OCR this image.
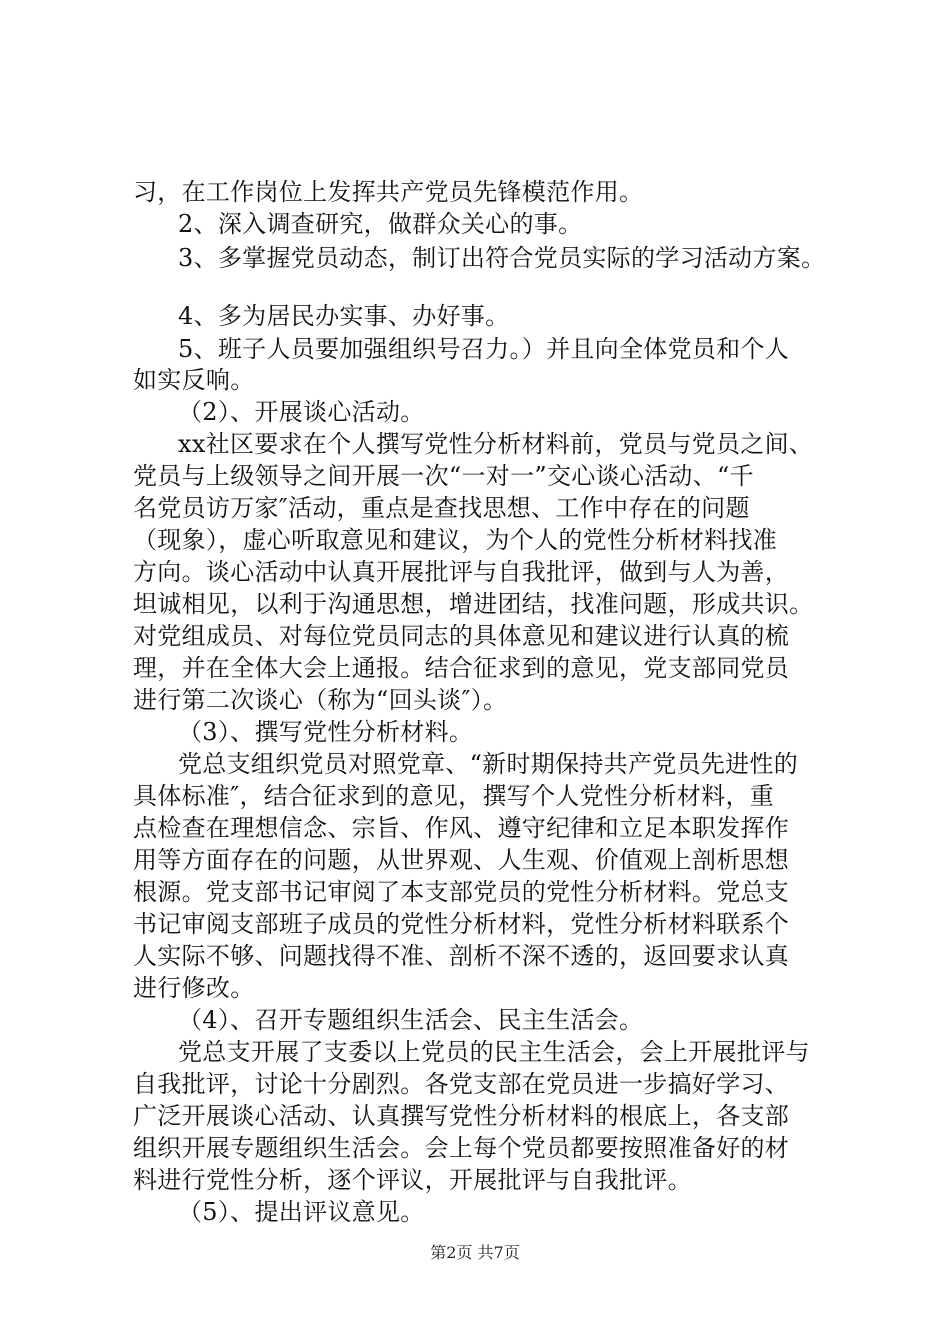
习，在工作岗位上发挥共产党员先锋模范作用。

2、深入调查研究，做群众关心的事。

3、多掌握党员动态，制订出符合党员实际的学习活动方案。

4、多为居民办实事、办好事。

5、班子人员要加强组织号召力。）并且向全体党员和个人

如实反响。

（2）、开展谈心活动。

xx社区要求在个人撰写党性分析材料前，党员与党员之间、

党员与上级领导之间开展一次“一对一”交心谈心活动、“千

名党员访万家″活动，重点是查找思想、工作中存在的问题

（现象），虚心听取意见和建议，为个人的党性分析材料找准

方向。谈心活动中认真开展批评与自我批评，做到与人为善，

坦诚相见，以利于沟通思想，增进团结，找准问题，形成共识。

对党组成员、对每位党员同志的具体意见和建议进行认真的梳

理，并在全体大会上通报。结合征求到的意见，党支部同党员

进行第二次谈心（称为“回头谈″）。

（3）、撰写党性分析材料。

党总支组织党员对照党章、“新时期保持共产党员先进性的

具体标准″，结合征求到的意见，撰写个人党性分析材料，重

点检查在理想信念、宗旨、作风、遵守纪律和立足本职发挥作

用等方面存在的问题，从世界观、人生观、价值观上剖析思想

根源。党支部书记审阅了本支部党员的党性分析材料。党总支

书记审阅支部班子成员的党性分析材料，党性分析材料联系个

人实际不够、问题找得不准、剖析不深不透的，返回要求认真

进行修改。

（4）、召开专题组织生活会、民主生活会。

党总支开展了支委以上党员的民主生活会，会上开展批评与

自我批评，讨论十分剧烈。各党支部在党员进一步搞好学习、

广泛开展谈心活动、认真撰写党性分析材料的根底上，各支部

组织开展专题组织生活会。会上每个党员都要按照准备好的材

料进行党性分析，逐个评议，开展批评与自我批评。

（5）、提出评议意见。

第2页 共7页
